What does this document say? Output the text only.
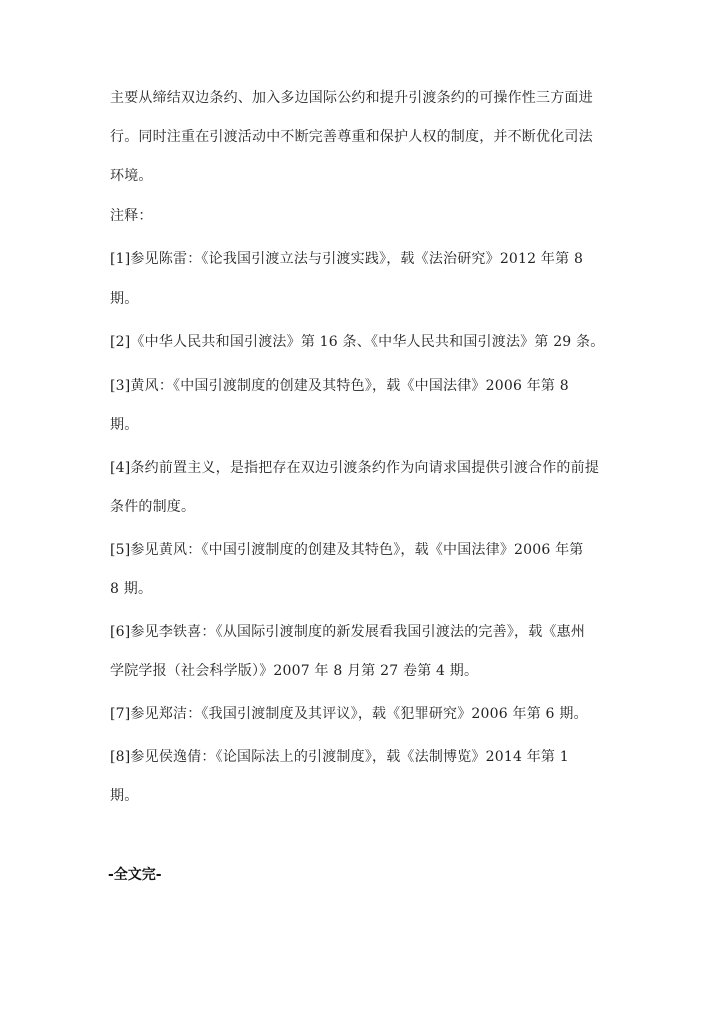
主要从缔结双边条约、加入多边国际公约和提升引渡条约的可操作性三方面进
行。同时注重在引渡活动中不断完善尊重和保护人权的制度，并不断优化司法
环境。
注释：
[1]参见陈雷：《论我国引渡立法与引渡实践》，载《法治研究》2012 年第 8
期。
[2]《中华人民共和国引渡法》第 16 条、《中华人民共和国引渡法》第 29 条。
[3]黄风：《中国引渡制度的创建及其特色》，载《中国法律》2006 年第 8
期。
[4]条约前置主义，是指把存在双边引渡条约作为向请求国提供引渡合作的前提
条件的制度。
[5]参见黄风：《中国引渡制度的创建及其特色》，载《中国法律》2006 年第
8 期。
[6]参见李铁喜：《从国际引渡制度的新发展看我国引渡法的完善》，载《惠州
学院学报（社会科学版）》2007 年 8 月第 27 卷第 4 期。
[7]参见郑洁：《我国引渡制度及其评议》，载《犯罪研究》2006 年第 6 期。
[8]参见侯逸倩：《论国际法上的引渡制度》，载《法制博览》2014 年第 1
期。
-全文完-
